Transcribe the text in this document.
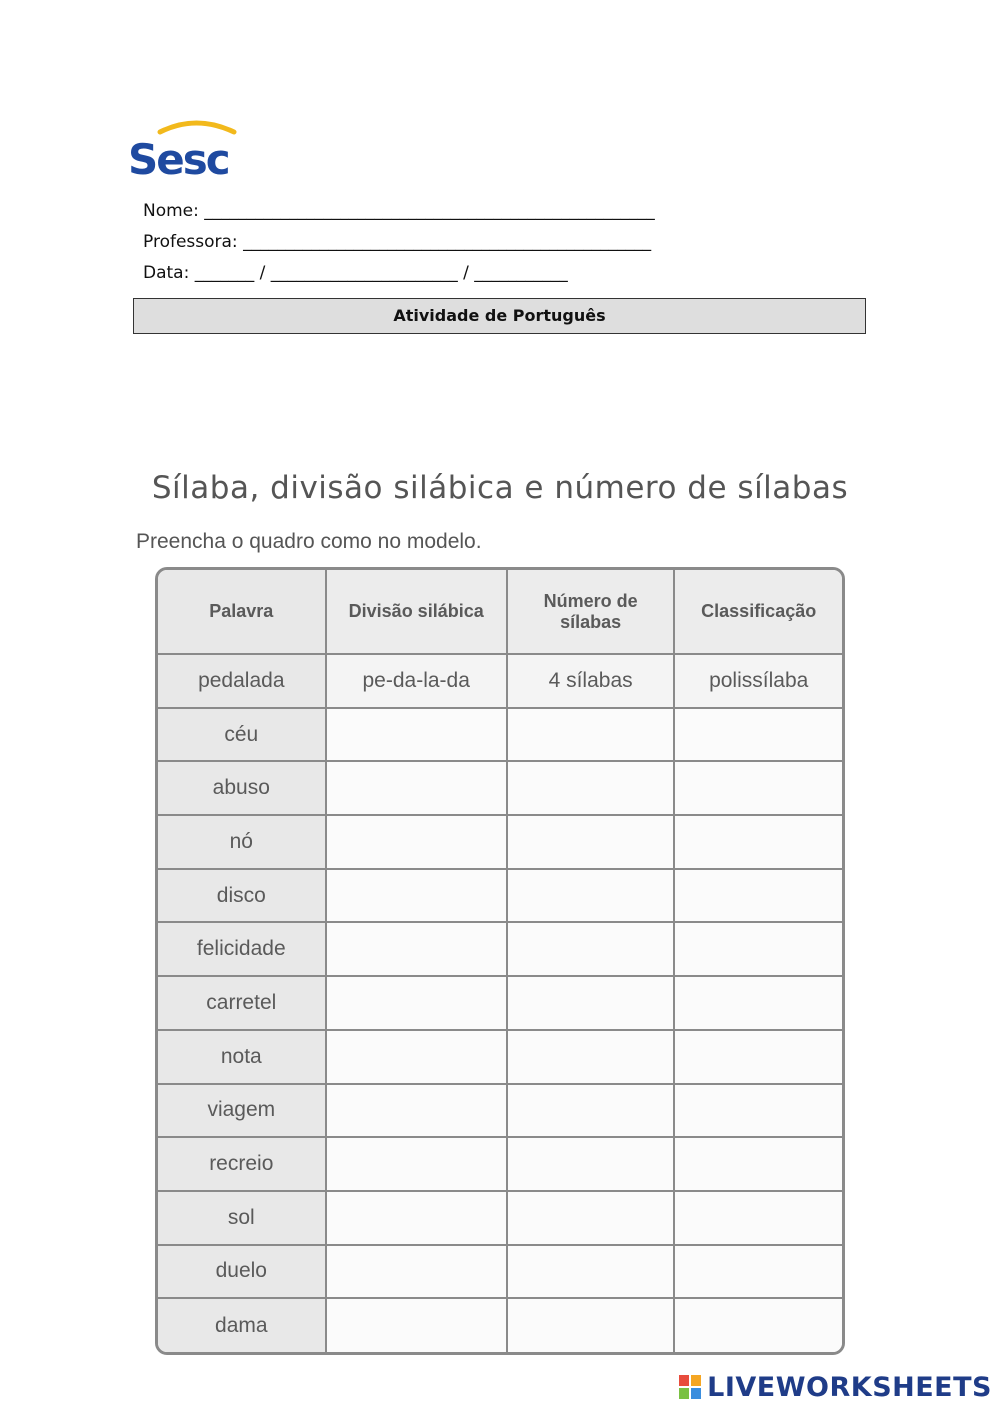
Sesc
Nome: _____________________________________________________
Professora: ________________________________________________
Data: _______ / ______________________ / ___________
Atividade de Português
Sílaba, divisão silábica e número de sílabas
Preencha o quadro como no modelo.
Palavra	Divisão silábica	Número de sílabas	Classificação
pedalada	pe-da-la-da	4 sílabas	polissílaba
céu			
abuso			
nó			
disco			
felicidade			
carretel			
nota			
viagem			
recreio			
sol			
duelo			
dama			
LIVEWORKSHEETS
